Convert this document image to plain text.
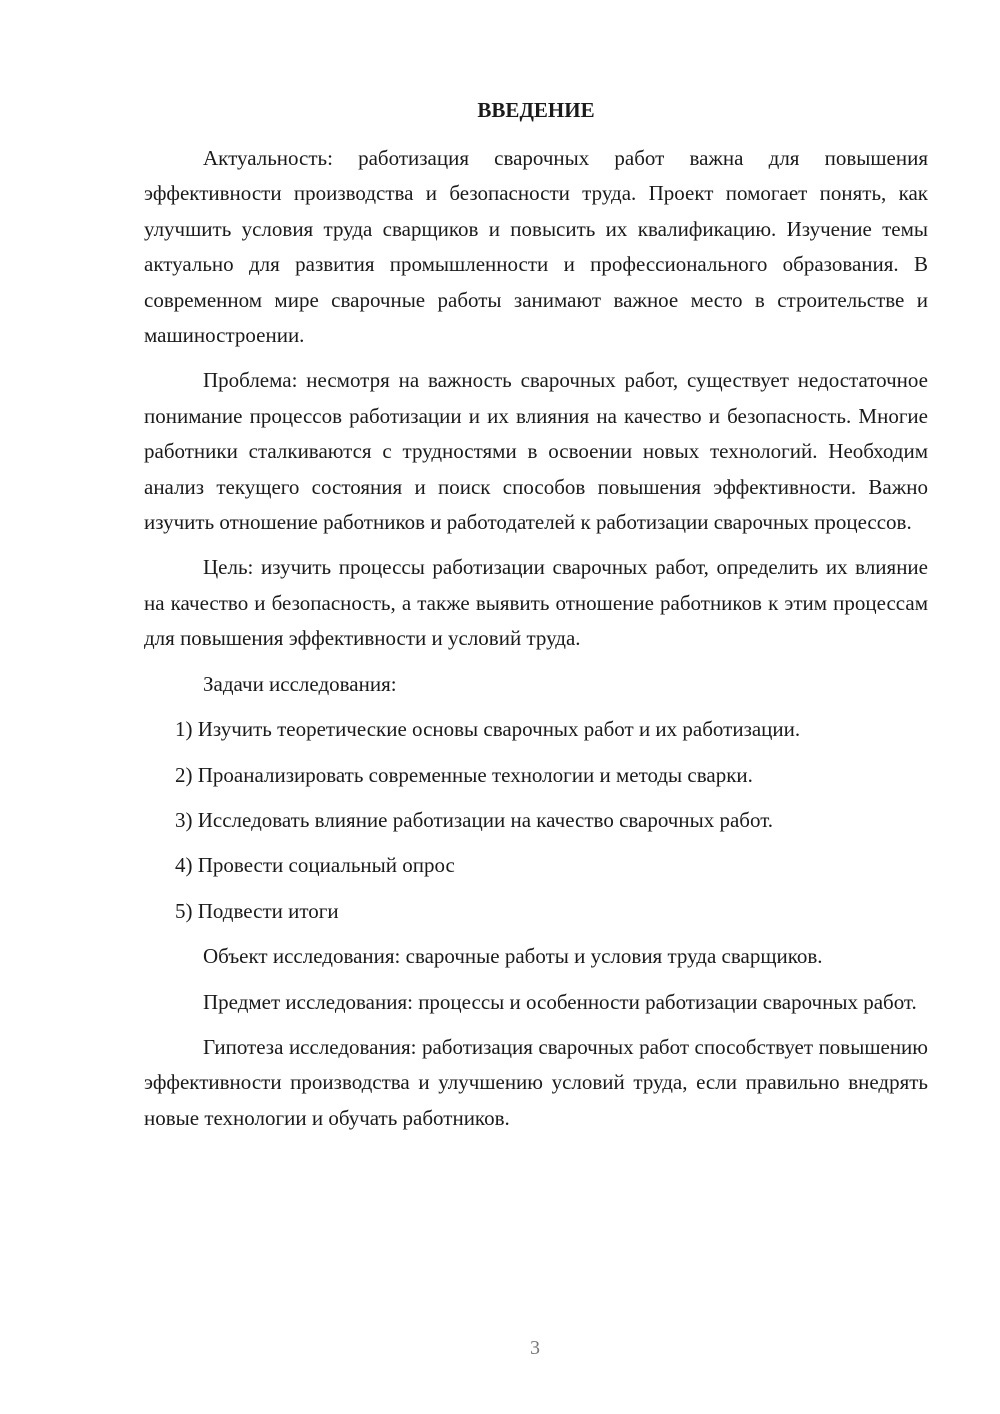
ВВЕДЕНИЕ

Актуальность: работизация сварочных работ важна для повышения эффективности производства и безопасности труда. Проект помогает понять, как улучшить условия труда сварщиков и повысить их квалификацию. Изучение темы актуально для развития промышленности и профессионального образования. В современном мире сварочные работы занимают важное место в строительстве и машиностроении.

Проблема: несмотря на важность сварочных работ, существует недостаточное понимание процессов работизации и их влияния на качество и безопасность. Многие работники сталкиваются с трудностями в освоении новых технологий. Необходим анализ текущего состояния и поиск способов повышения эффективности. Важно изучить отношение работников и работодателей к работизации сварочных процессов.

Цель: изучить процессы работизации сварочных работ, определить их влияние на качество и безопасность, а также выявить отношение работников к этим процессам для повышения эффективности и условий труда.

Задачи исследования:

1) Изучить теоретические основы сварочных работ и их работизации.

2) Проанализировать современные технологии и методы сварки.

3) Исследовать влияние работизации на качество сварочных работ.

4) Провести социальный опрос

5) Подвести итоги

Объект исследования: сварочные работы и условия труда сварщиков.

Предмет исследования: процессы и особенности работизации сварочных работ.

Гипотеза исследования: работизация сварочных работ способствует повышению эффективности производства и улучшению условий труда, если правильно внедрять новые технологии и обучать работников.

3
